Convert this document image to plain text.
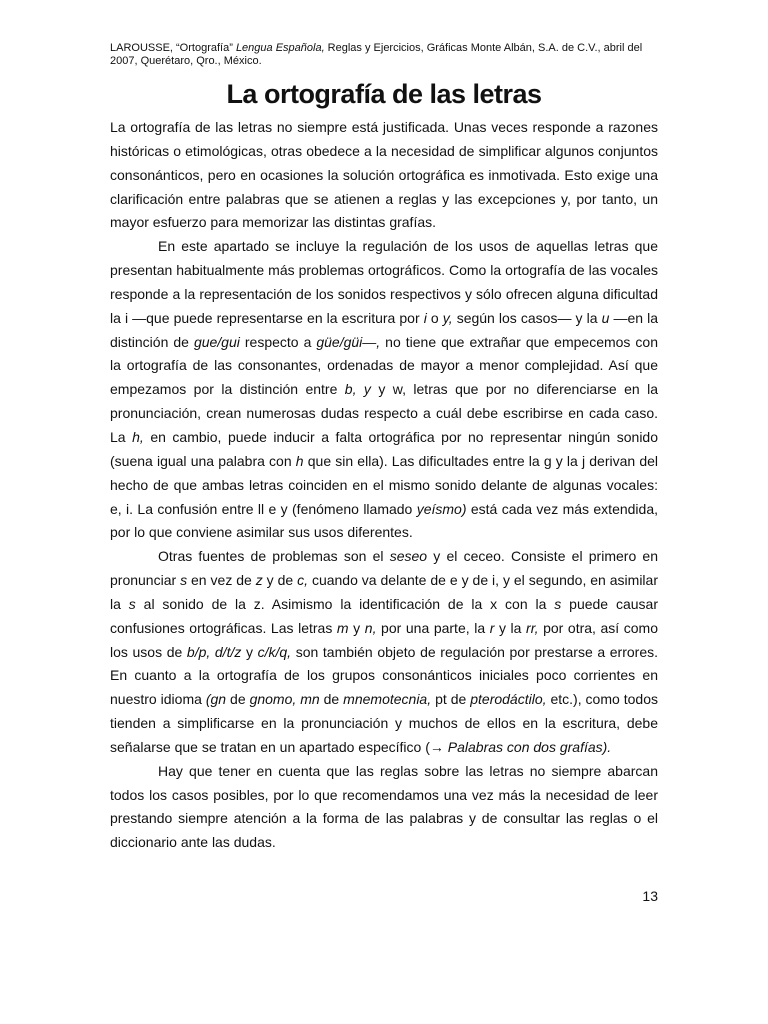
LAROUSSE, “Ortografía” Lengua Española, Reglas y Ejercicios, Gráficas Monte Albán, S.A. de C.V., abril del 2007, Querétaro, Qro., México.

La ortografía de las letras

La ortografía de las letras no siempre está justificada. Unas veces responde a razones históricas o etimológicas, otras obedece a la necesidad de simplificar algunos conjuntos consonánticos, pero en ocasiones la solución ortográfica es inmotivada. Esto exige una clarificación entre palabras que se atienen a reglas y las excepciones y, por tanto, un mayor esfuerzo para memorizar las distintas grafías.

En este apartado se incluye la regulación de los usos de aquellas letras que presentan habitualmente más problemas ortográficos. Como la ortografía de las vocales responde a la representación de los sonidos respectivos y sólo ofrecen alguna dificultad la i —que puede representarse en la escritura por i o y, según los casos— y la u —en la distinción de gue/gui respecto a güe/güi—, no tiene que extrañar que empecemos con la ortografía de las consonantes, ordenadas de mayor a menor complejidad. Así que empezamos por la distinción entre b, y y w, letras que por no diferenciarse en la pronunciación, crean numerosas dudas respecto a cuál debe escribirse en cada caso. La h, en cambio, puede inducir a falta ortográfica por no representar ningún sonido (suena igual una palabra con h que sin ella). Las dificultades entre la g y la j derivan del hecho de que ambas letras coinciden en el mismo sonido delante de algunas vocales: e, i. La confusión entre ll e y (fenómeno llamado yeísmo) está cada vez más extendida, por lo que conviene asimilar sus usos diferentes.

Otras fuentes de problemas son el seseo y el ceceo. Consiste el primero en pronunciar s en vez de z y de c, cuando va delante de e y de i, y el segundo, en asimilar la s al sonido de la z. Asimismo la identificación de la x con la s puede causar confusiones ortográficas. Las letras m y n, por una parte, la r y la rr, por otra, así como los usos de b/p, d/t/z y c/k/q, son también objeto de regulación por prestarse a errores. En cuanto a la ortografía de los grupos consonánticos iniciales poco corrientes en nuestro idioma (gn de gnomo, mn de mnemotecnia, pt de pterodáctilo, etc.), como todos tienden a simplificarse en la pronunciación y muchos de ellos en la escritura, debe señalarse que se tratan en un apartado específico (→ Palabras con dos grafías).

Hay que tener en cuenta que las reglas sobre las letras no siempre abarcan todos los casos posibles, por lo que recomendamos una vez más la necesidad de leer prestando siempre atención a la forma de las palabras y de consultar las reglas o el diccionario ante las dudas.

13
